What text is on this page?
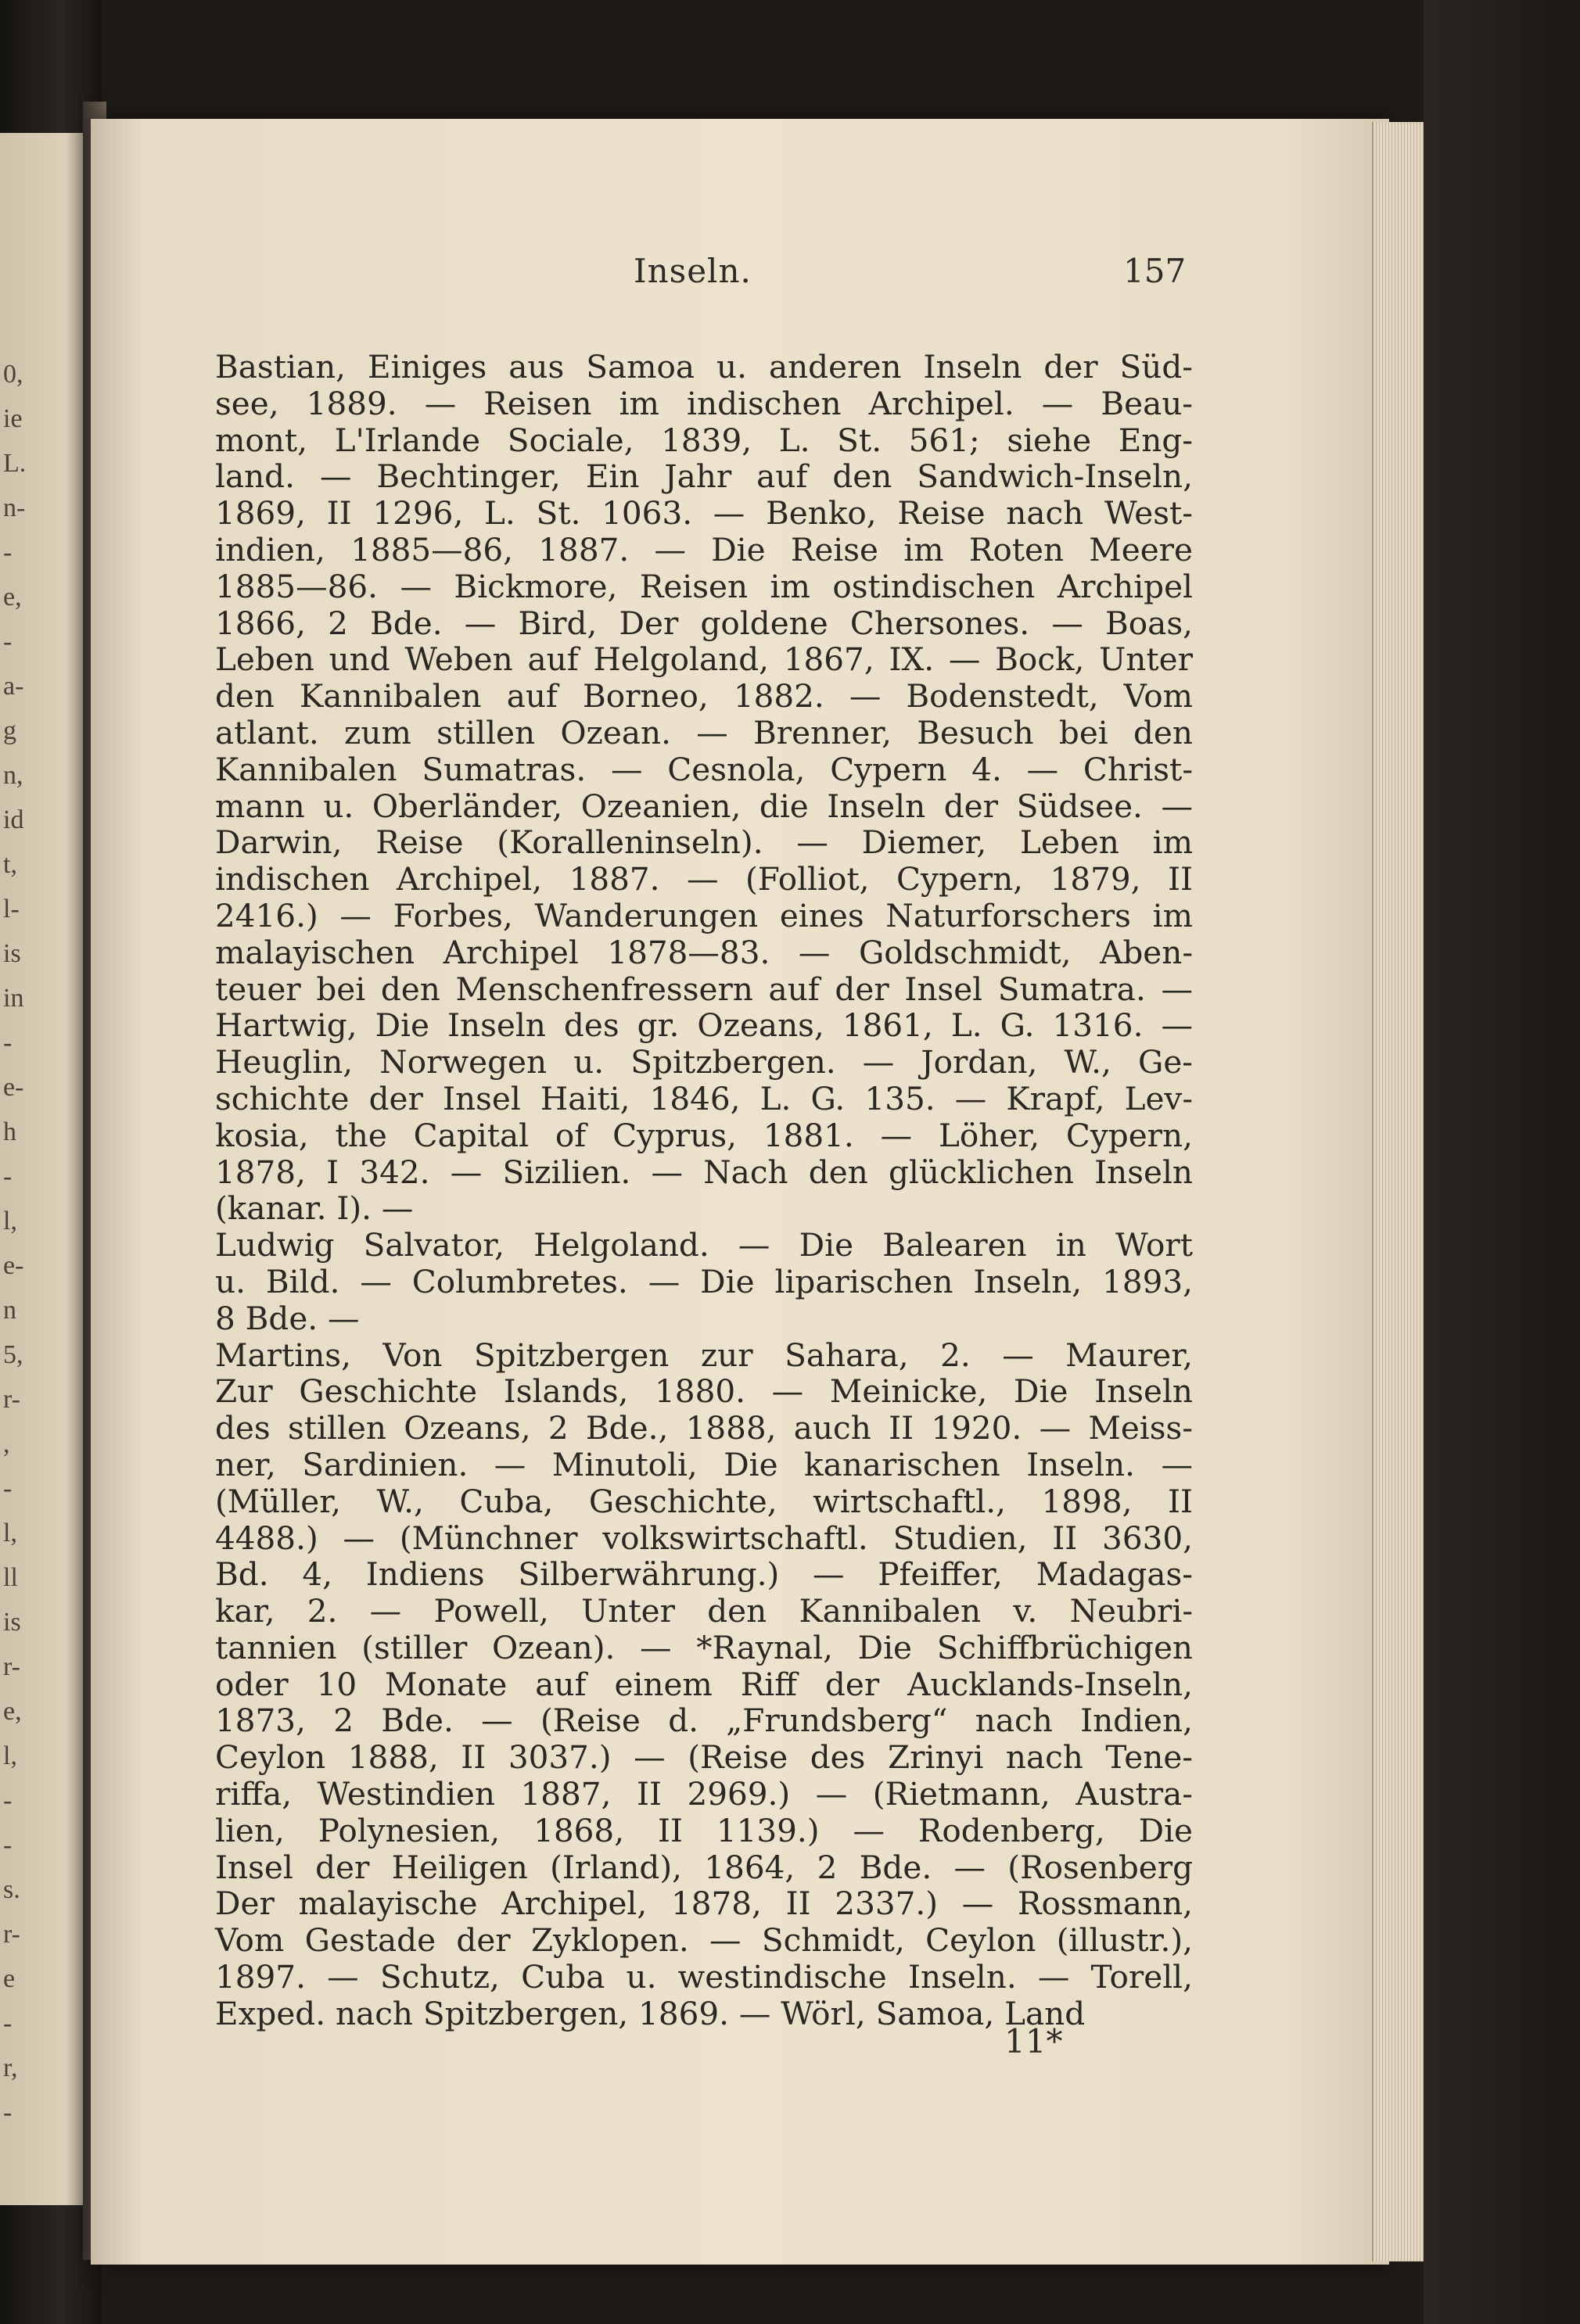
0,
ie
L.
n-
-
e,
-
a-
g
n,
id
t,
l-
is
in
-
e-
h
-
l,
e-
n
5,
r-
,
-
l,
ll
is
r-
e,
l,
-
-
s.
r-
e
-
r,
-
Inseln.	157
Bastian, Einiges aus Samoa u. anderen Inseln der Süd-
see, 1889. — Reisen im indischen Archipel. — Beau-
mont, L'Irlande Sociale, 1839, L. St. 561; siehe Eng-
land. — Bechtinger, Ein Jahr auf den Sandwich-Inseln,
1869, II 1296, L. St. 1063. — Benko, Reise nach West-
indien, 1885—86, 1887. — Die Reise im Roten Meere
1885—86. — Bickmore, Reisen im ostindischen Archipel
1866, 2 Bde. — Bird, Der goldene Chersones. — Boas,
Leben und Weben auf Helgoland, 1867, IX. — Bock, Unter
den Kannibalen auf Borneo, 1882. — Bodenstedt, Vom
atlant. zum stillen Ozean. — Brenner, Besuch bei den
Kannibalen Sumatras. — Cesnola, Cypern 4. — Christ-
mann u. Oberländer, Ozeanien, die Inseln der Südsee. —
Darwin, Reise (Koralleninseln). — Diemer, Leben im
indischen Archipel, 1887. — (Folliot, Cypern, 1879, II
2416.) — Forbes, Wanderungen eines Naturforschers im
malayischen Archipel 1878—83. — Goldschmidt, Aben-
teuer bei den Menschenfressern auf der Insel Sumatra. —
Hartwig, Die Inseln des gr. Ozeans, 1861, L. G. 1316. —
Heuglin, Norwegen u. Spitzbergen. — Jordan, W., Ge-
schichte der Insel Haiti, 1846, L. G. 135. — Krapf, Lev-
kosia, the Capital of Cyprus, 1881. — Löher, Cypern,
1878, I 342. — Sizilien. — Nach den glücklichen Inseln
(kanar. I). —
Ludwig Salvator, Helgoland. — Die Balearen in Wort
u. Bild. — Columbretes. — Die liparischen Inseln, 1893,
8 Bde. —
Martins, Von Spitzbergen zur Sahara, 2. — Maurer,
Zur Geschichte Islands, 1880. — Meinicke, Die Inseln
des stillen Ozeans, 2 Bde., 1888, auch II 1920. — Meiss-
ner, Sardinien. — Minutoli, Die kanarischen Inseln. —
(Müller, W., Cuba, Geschichte, wirtschaftl., 1898, II
4488.) — (Münchner volkswirtschaftl. Studien, II 3630,
Bd. 4, Indiens Silberwährung.) — Pfeiffer, Madagas-
kar, 2. — Powell, Unter den Kannibalen v. Neubri-
tannien (stiller Ozean). — *Raynal, Die Schiffbrüchigen
oder 10 Monate auf einem Riff der Aucklands-Inseln,
1873, 2 Bde. — (Reise d. „Frundsberg“ nach Indien,
Ceylon 1888, II 3037.) — (Reise des Zrinyi nach Tene-
riffa, Westindien 1887, II 2969.) — (Rietmann, Austra-
lien, Polynesien, 1868, II 1139.) — Rodenberg, Die
Insel der Heiligen (Irland), 1864, 2 Bde. — (Rosenberg
Der malayische Archipel, 1878, II 2337.) — Rossmann,
Vom Gestade der Zyklopen. — Schmidt, Ceylon (illustr.),
1897. — Schutz, Cuba u. westindische Inseln. — Torell,
Exped. nach Spitzbergen, 1869. — Wörl, Samoa, Land
11*
